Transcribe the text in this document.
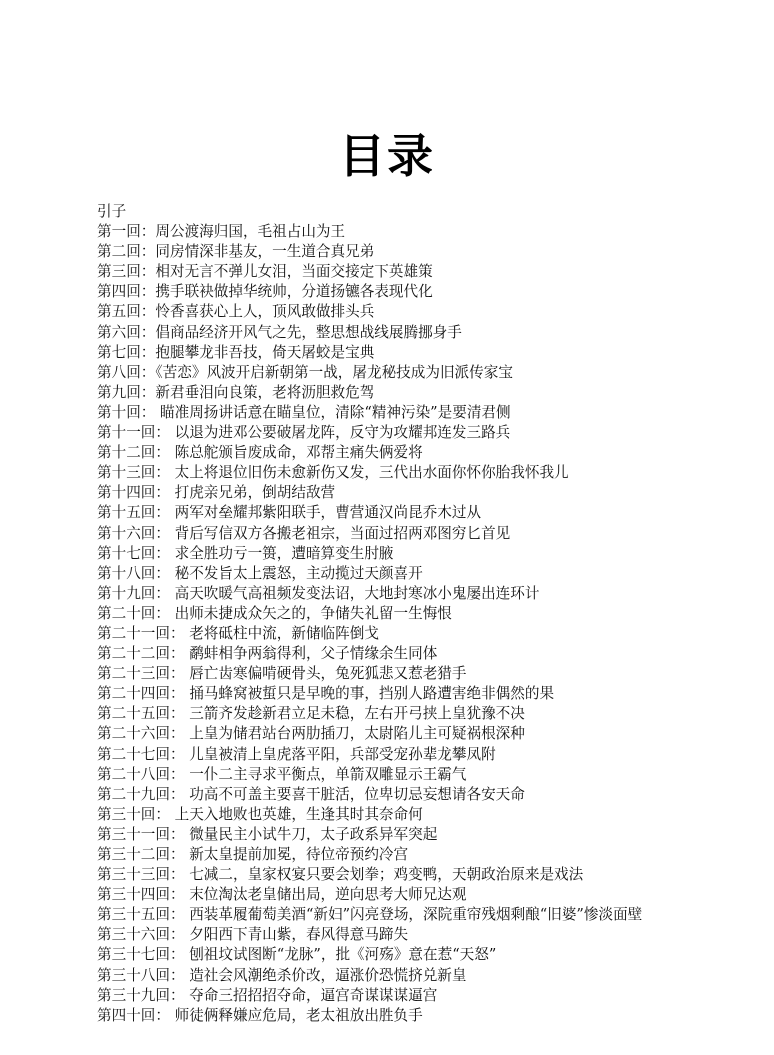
目录
引子
第一回：周公渡海归国，毛祖占山为王
第二回：同房情深非基友，一生道合真兄弟
第三回：相对无言不弹儿女泪，当面交接定下英雄策
第四回：携手联袂做掉华统帅，分道扬镳各表现代化
第五回：怜香喜获心上人，顶风敢做排头兵
第六回：倡商品经济开风气之先，整思想战线展腾挪身手
第七回：抱腿攀龙非吾技，倚天屠蛟是宝典
第八回：《苦恋》风波开启新朝第一战，屠龙秘技成为旧派传家宝
第九回：新君垂泪向良策，老将沥胆救危驾
第十回： 瞄准周扬讲话意在瞄皇位，清除“精神污染”是要清君侧
第十一回： 以退为进邓公要破屠龙阵，反守为攻耀邦连发三路兵
第十二回： 陈总舵颁旨废成命，邓帮主痛失俩爱将
第十三回： 太上将退位旧伤未愈新伤又发，三代出水面你怀你胎我怀我儿
第十四回： 打虎亲兄弟，倒胡结敌营
第十五回： 两军对垒耀邦紫阳联手，曹营通汉尚昆乔木过从
第十六回： 背后写信双方各搬老祖宗，当面过招两邓图穷匕首见
第十七回： 求全胜功亏一篑，遭暗算变生肘腋
第十八回： 秘不发旨太上震怒，主动揽过天颜喜开
第十九回： 高天吹暖气高祖频发变法诏，大地封寒冰小鬼屡出连环计
第二十回： 出师未捷成众矢之的，争储失礼留一生悔恨
第二十一回： 老将砥柱中流，新储临阵倒戈
第二十二回： 鹬蚌相争两翁得利，父子情缘余生同体
第二十三回： 唇亡齿寒偏啃硬骨头，兔死狐悲又惹老猎手
第二十四回： 捅马蜂窝被蜇只是早晚的事，挡别人路遭害绝非偶然的果
第二十五回： 三箭齐发趁新君立足未稳，左右开弓挟上皇犹豫不决
第二十六回： 上皇为储君站台两肋插刀，太尉陷儿主可疑祸根深种
第二十七回： 儿皇被清上皇虎落平阳，兵部受宠孙辈龙攀凤附
第二十八回： 一仆二主寻求平衡点，单箭双雕显示王霸气
第二十九回： 功高不可盖主要喜干脏活，位卑切忌妄想请各安天命
第三十回： 上天入地败也英雄，生逢其时其奈命何
第三十一回： 微量民主小试牛刀，太子政系异军突起
第三十二回： 新太皇提前加冕，待位帝预约冷宫
第三十三回： 七减二，皇家权宴只要会划拳；鸡变鸭，天朝政治原来是戏法
第三十四回： 末位淘汰老皇储出局，逆向思考大师兄达观
第三十五回： 西装革履葡萄美酒“新妇”闪亮登场，深院重帘残烟剩酿“旧婆”惨淡面壁
第三十六回： 夕阳西下青山紫，春风得意马蹄失
第三十七回： 刨祖坟试图断“龙脉”，批《河殇》意在惹“天怒”
第三十八回： 造社会风潮绝杀价改，逼涨价恐慌挤兑新皇
第三十九回： 夺命三招招招夺命，逼宫奇谋谋谋逼宫
第四十回： 师徒俩释嫌应危局，老太祖放出胜负手
